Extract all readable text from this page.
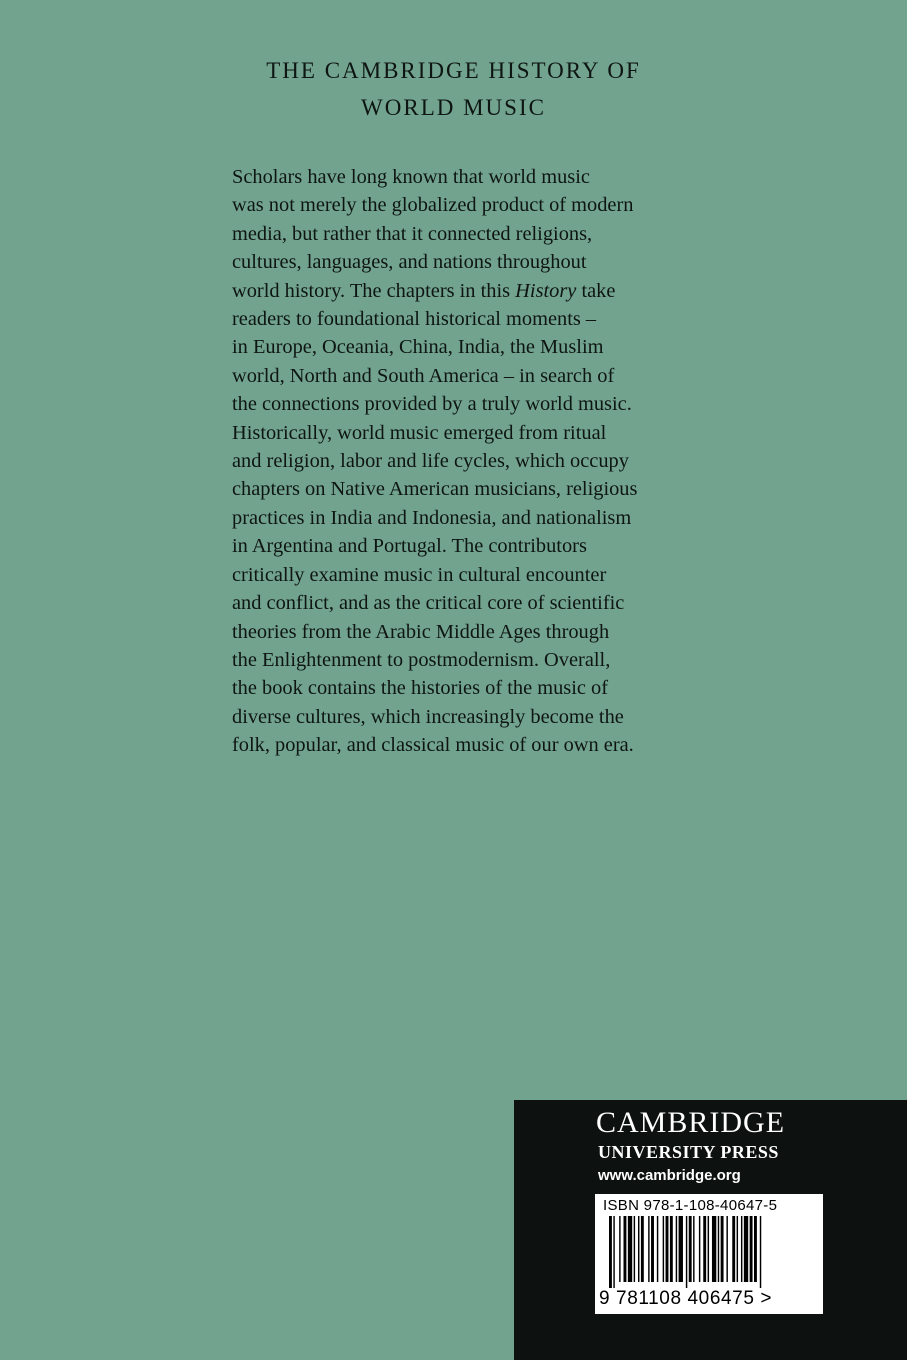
THE CAMBRIDGE HISTORY OF
WORLD MUSIC
Scholars have long known that world music
was not merely the globalized product of modern
media, but rather that it connected religions,
cultures, languages, and nations throughout
world history. The chapters in this History take
readers to foundational historical moments –
in Europe, Oceania, China, India, the Muslim
world, North and South America – in search of
the connections provided by a truly world music.
Historically, world music emerged from ritual
and religion, labor and life cycles, which occupy
chapters on Native American musicians, religious
practices in India and Indonesia, and nationalism
in Argentina and Portugal. The contributors
critically examine music in cultural encounter
and conflict, and as the critical core of scientific
theories from the Arabic Middle Ages through
the Enlightenment to postmodernism. Overall,
the book contains the histories of the music of
diverse cultures, which increasingly become the
folk, popular, and classical music of our own era.
CAMBRIDGE
UNIVERSITY PRESS
www.cambridge.org
ISBN 978-1-108-40647-5
9 781108 406475 >
